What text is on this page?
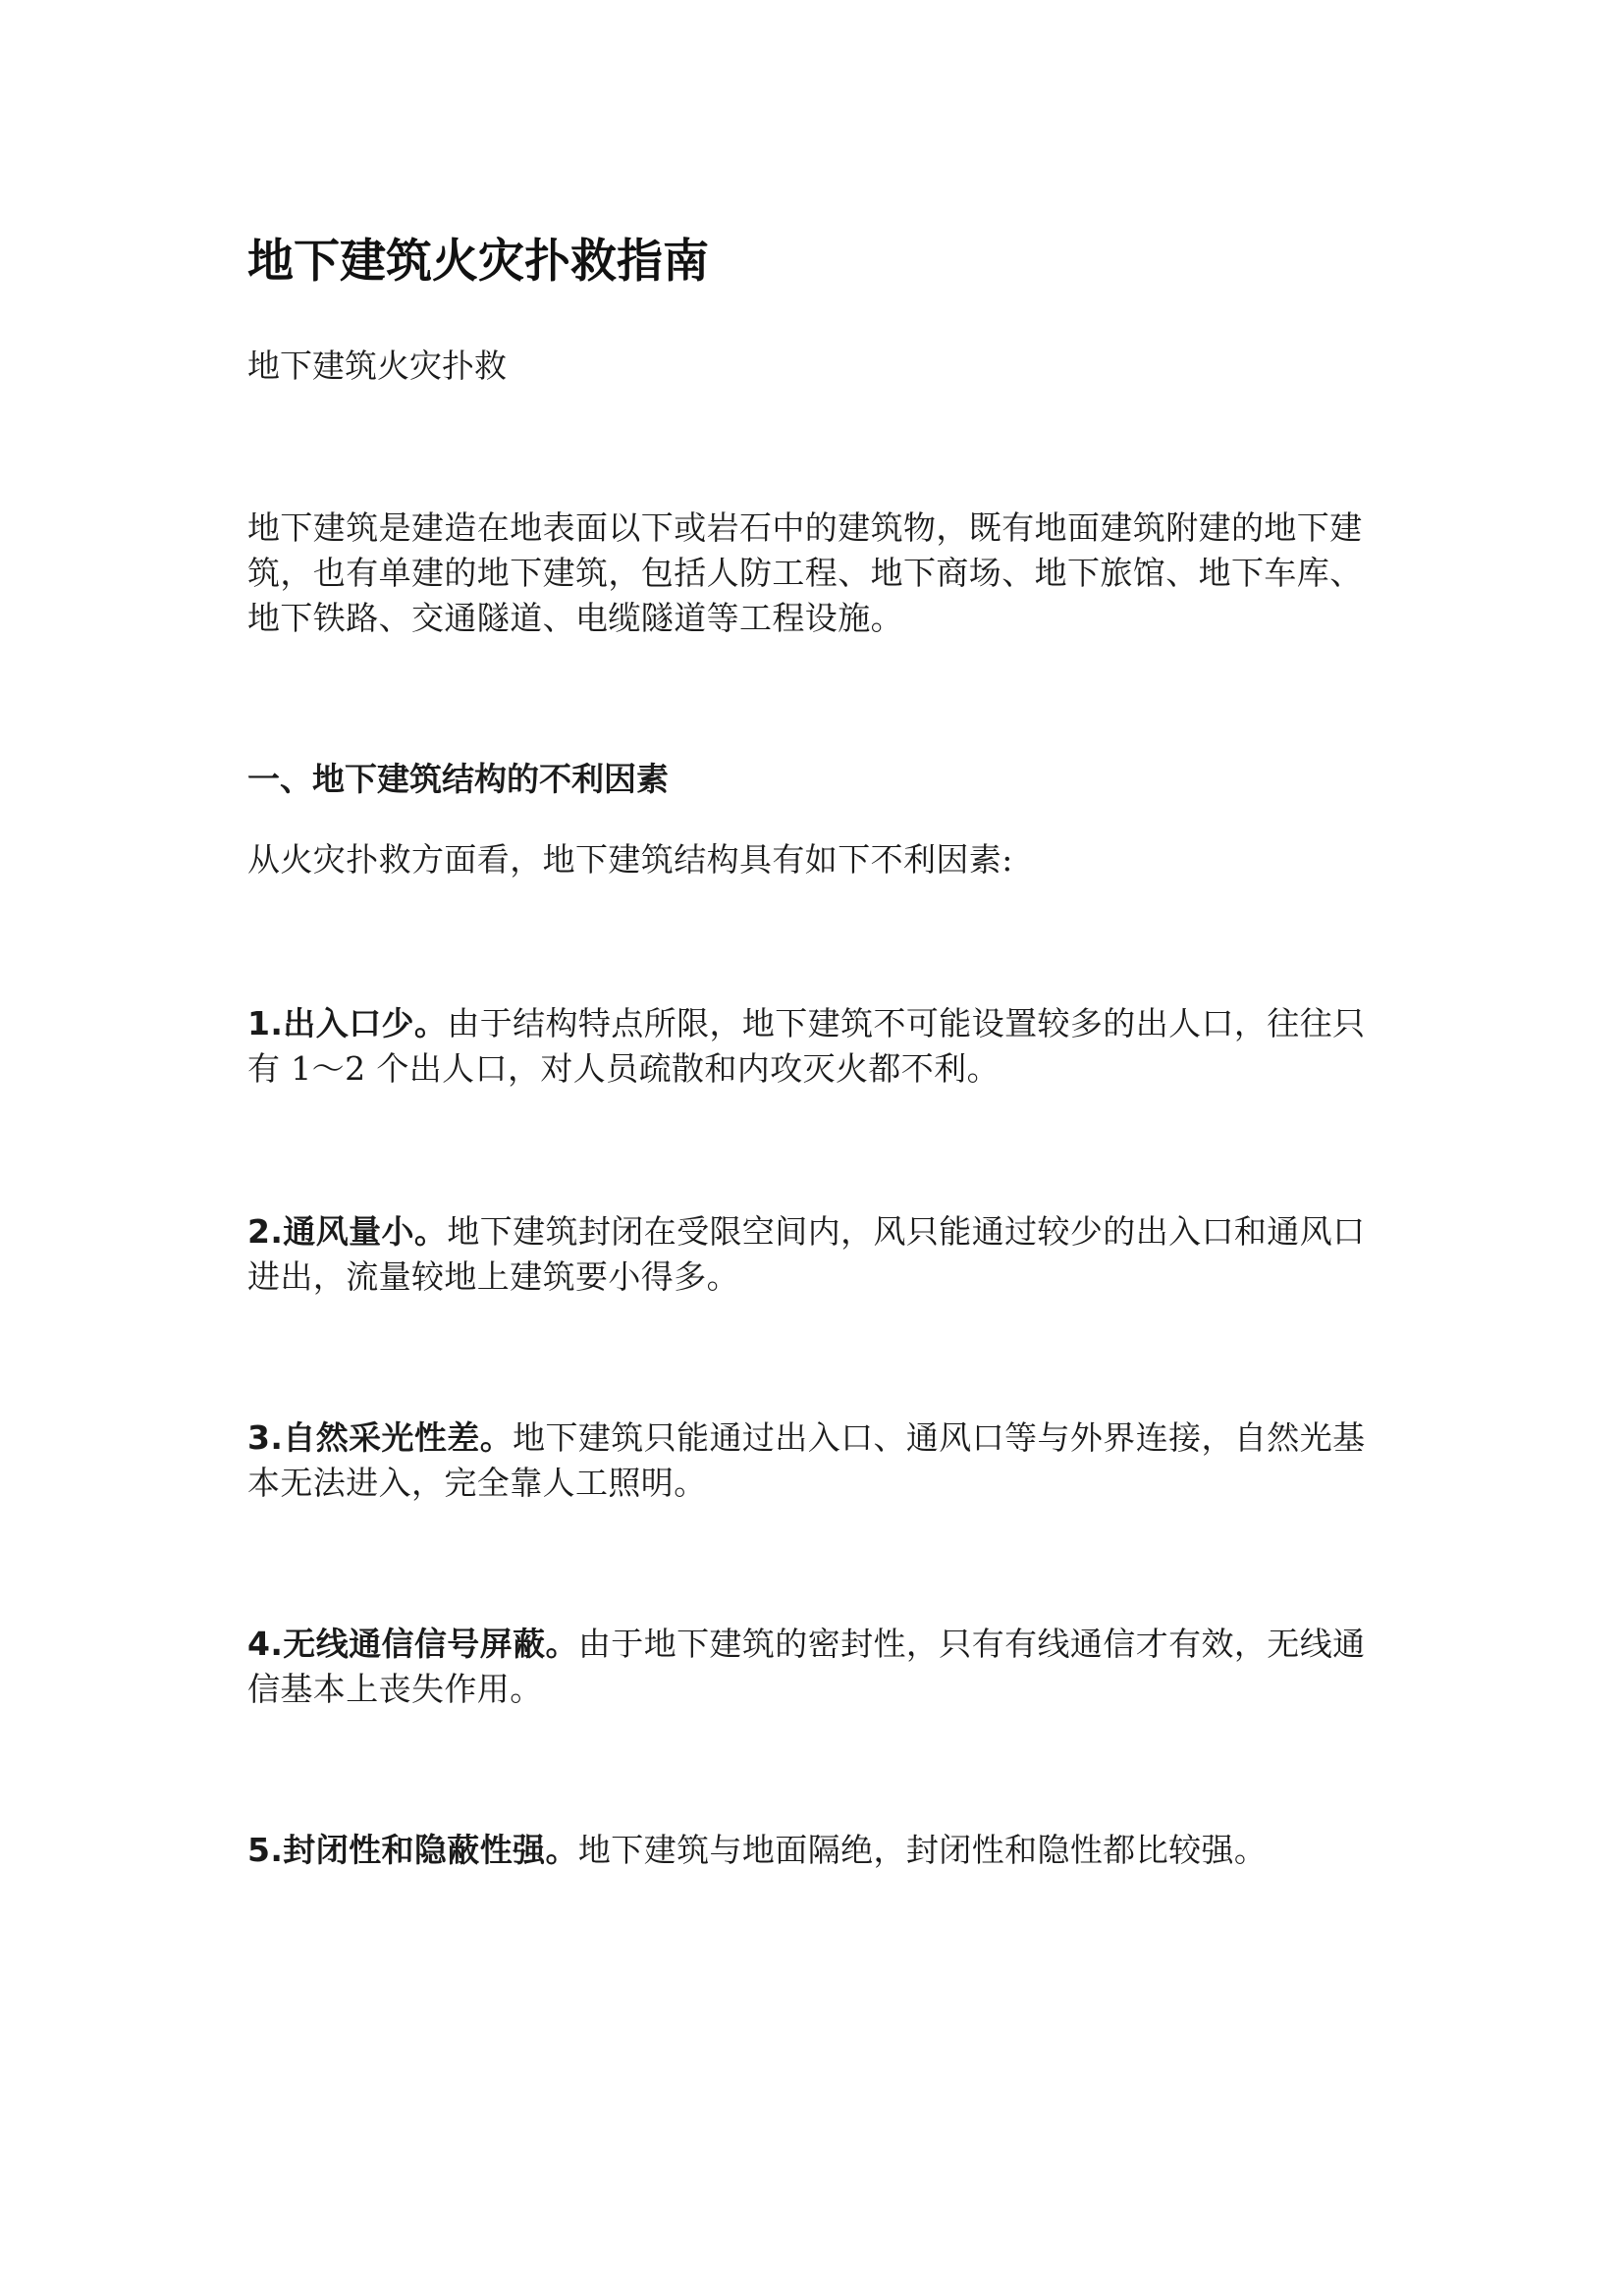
地下建筑火灾扑救指南

地下建筑火灾扑救

地下建筑是建造在地表面以下或岩石中的建筑物，既有地面建筑附建的地下建筑，也有单建的地下建筑，包括人防工程、地下商场、地下旅馆、地下车库、地下铁路、交通隧道、电缆隧道等工程设施。

一、地下建筑结构的不利因素

从火灾扑救方面看，地下建筑结构具有如下不利因素:

1.出入口少。由于结构特点所限，地下建筑不可能设置较多的出人口，往往只有 1～2 个出人口，对人员疏散和内攻灭火都不利。

2.通风量小。地下建筑封闭在受限空间内，风只能通过较少的出入口和通风口进出，流量较地上建筑要小得多。

3.自然采光性差。地下建筑只能通过出入口、通风口等与外界连接，自然光基本无法进入，完全靠人工照明。

4.无线通信信号屏蔽。由于地下建筑的密封性，只有有线通信才有效，无线通信基本上丧失作用。

5.封闭性和隐蔽性强。地下建筑与地面隔绝，封闭性和隐性都比较强。
